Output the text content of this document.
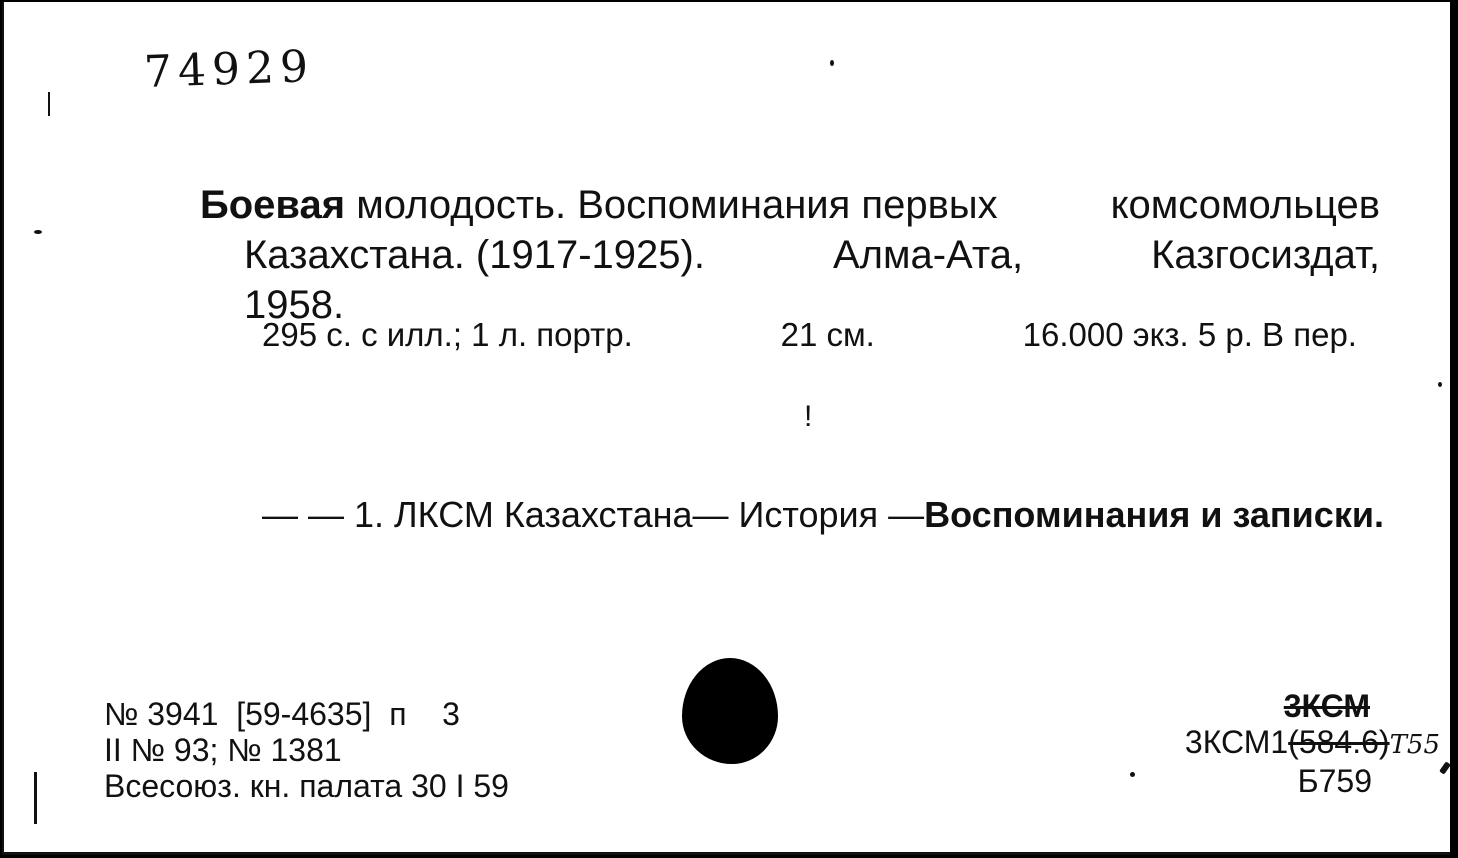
74929
Боевая молодость. Воспоминания первых	комсомольцев
Казахстана. (1917-1925).	Алма-Ата,	Казгосиздат,
1958.
295 с. с илл.; 1 л. портр.	21 см.	16.000 экз. 5 р. В пер.
!
— — 1. ЛКСМ Казахстана— История —Воспоминания и записки.
№ 3941  [59-4635]  п    3
II № 93; № 1381
Всесоюз. кн. палата 30 I 59
3КСМ
3КСМ1(584.6)Т55
Б759
